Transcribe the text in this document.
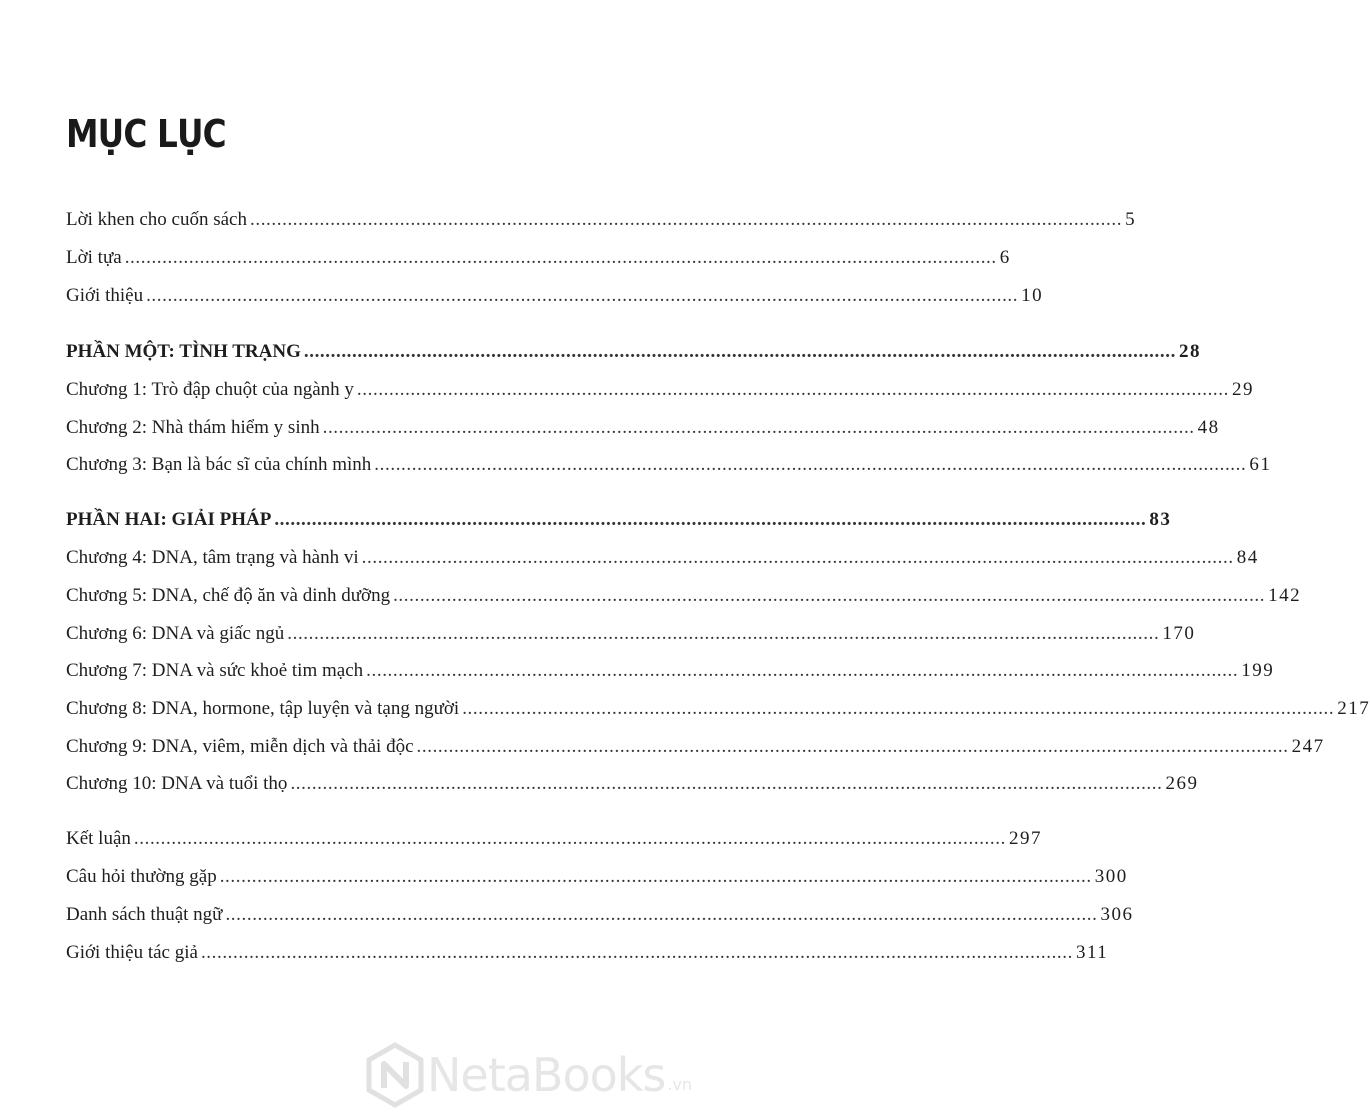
MỤC LỤC
Lời khen cho cuốn sách ................................................................................................................................................................... 5
Lời tựa ................................................................................................................................................................... 6
Giới thiệu ................................................................................................................................................................... 10
PHẦN MỘT: TÌNH TRẠNG ................................................................................................................................................................... 28
Chương 1: Trò đập chuột của ngành y ................................................................................................................................................................... 29
Chương 2: Nhà thám hiểm y sinh ................................................................................................................................................................... 48
Chương 3: Bạn là bác sĩ của chính mình ................................................................................................................................................................... 61
PHẦN HAI: GIẢI PHÁP ................................................................................................................................................................... 83
Chương 4: DNA, tâm trạng và hành vi ................................................................................................................................................................... 84
Chương 5: DNA, chế độ ăn và dinh dưỡng ................................................................................................................................................................... 142
Chương 6: DNA và giấc ngủ ................................................................................................................................................................... 170
Chương 7: DNA và sức khoẻ tim mạch ................................................................................................................................................................... 199
Chương 8: DNA, hormone, tập luyện và tạng người ................................................................................................................................................................... 217
Chương 9: DNA, viêm, miễn dịch và thải độc ................................................................................................................................................................... 247
Chương 10: DNA và tuổi thọ ................................................................................................................................................................... 269
Kết luận ................................................................................................................................................................... 297
Câu hỏi thường gặp ................................................................................................................................................................... 300
Danh sách thuật ngữ ................................................................................................................................................................... 306
Giới thiệu tác giả ................................................................................................................................................................... 311
NetaBooks .vn
